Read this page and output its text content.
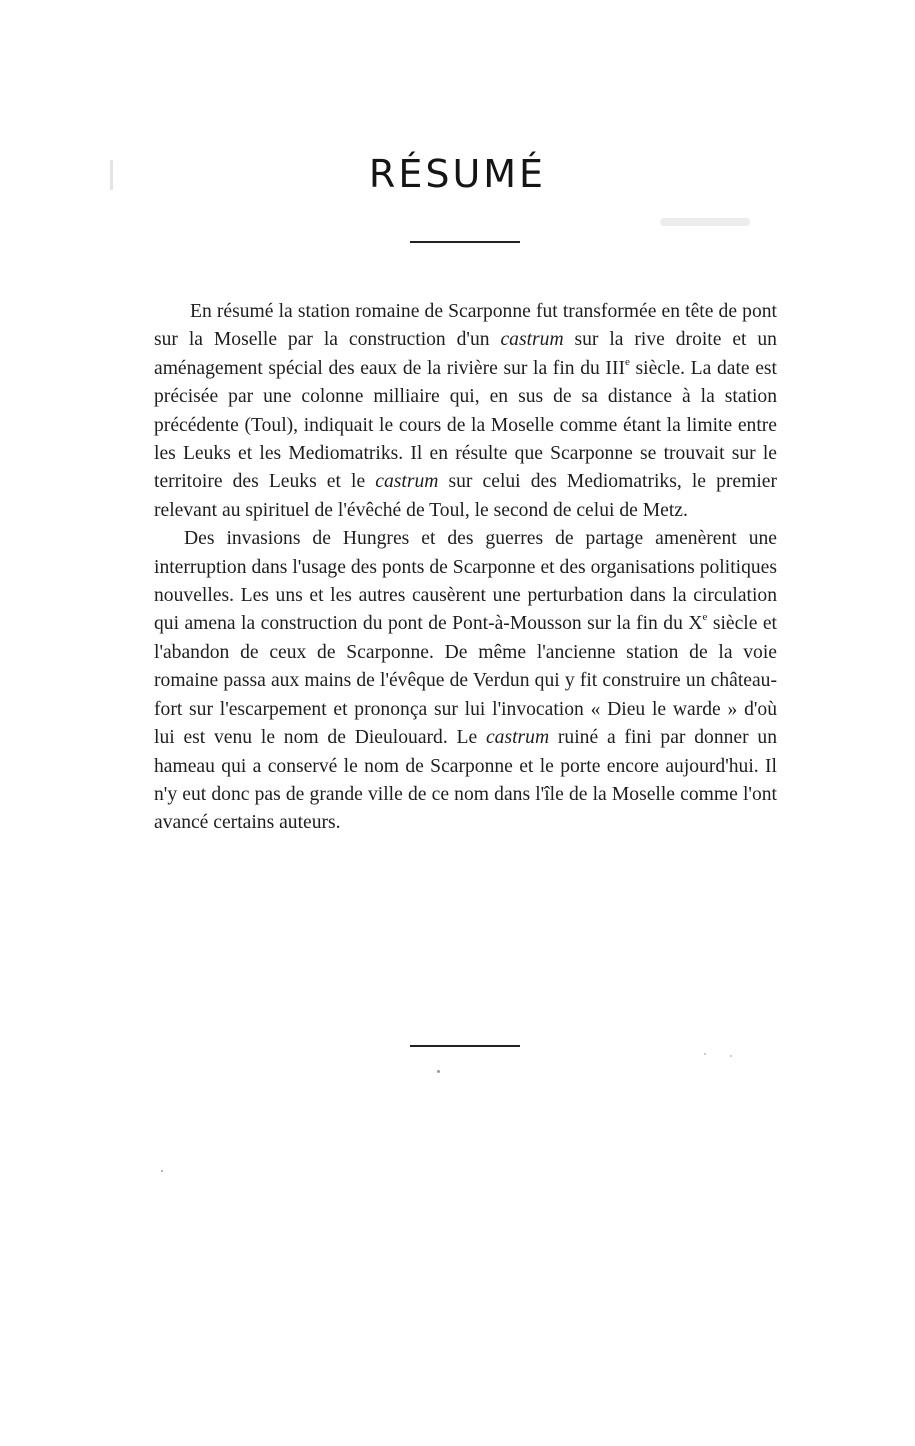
RÉSUMÉ

En résumé la station romaine de Scarponne fut transformée en tête de pont sur la Moselle par la construction d'un castrum sur la rive droite et un aménagement spécial des eaux de la rivière sur la fin du IIIe siècle. La date est précisée par une colonne milliaire qui, en sus de sa distance à la station précédente (Toul), indiquait le cours de la Moselle comme étant la limite entre les Leuks et les Mediomatriks. Il en résulte que Scarponne se trouvait sur le territoire des Leuks et le castrum sur celui des Mediomatriks, le premier relevant au spirituel de l'évêché de Toul, le second de celui de Metz.

Des invasions de Hungres et des guerres de partage amenèrent une interruption dans l'usage des ponts de Scarponne et des organisations politiques nouvelles. Les uns et les autres causèrent une perturbation dans la circulation qui amena la construction du pont de Pont-à-Mousson sur la fin du Xe siècle et l'abandon de ceux de Scarponne. De même l'ancienne station de la voie romaine passa aux mains de l'évêque de Verdun qui y fit construire un château-fort sur l'escarpement et prononça sur lui l'invocation « Dieu le warde » d'où lui est venu le nom de Dieulouard. Le castrum ruiné a fini par donner un hameau qui a conservé le nom de Scarponne et le porte encore aujourd'hui. Il n'y eut donc pas de grande ville de ce nom dans l'île de la Moselle comme l'ont avancé certains auteurs.
